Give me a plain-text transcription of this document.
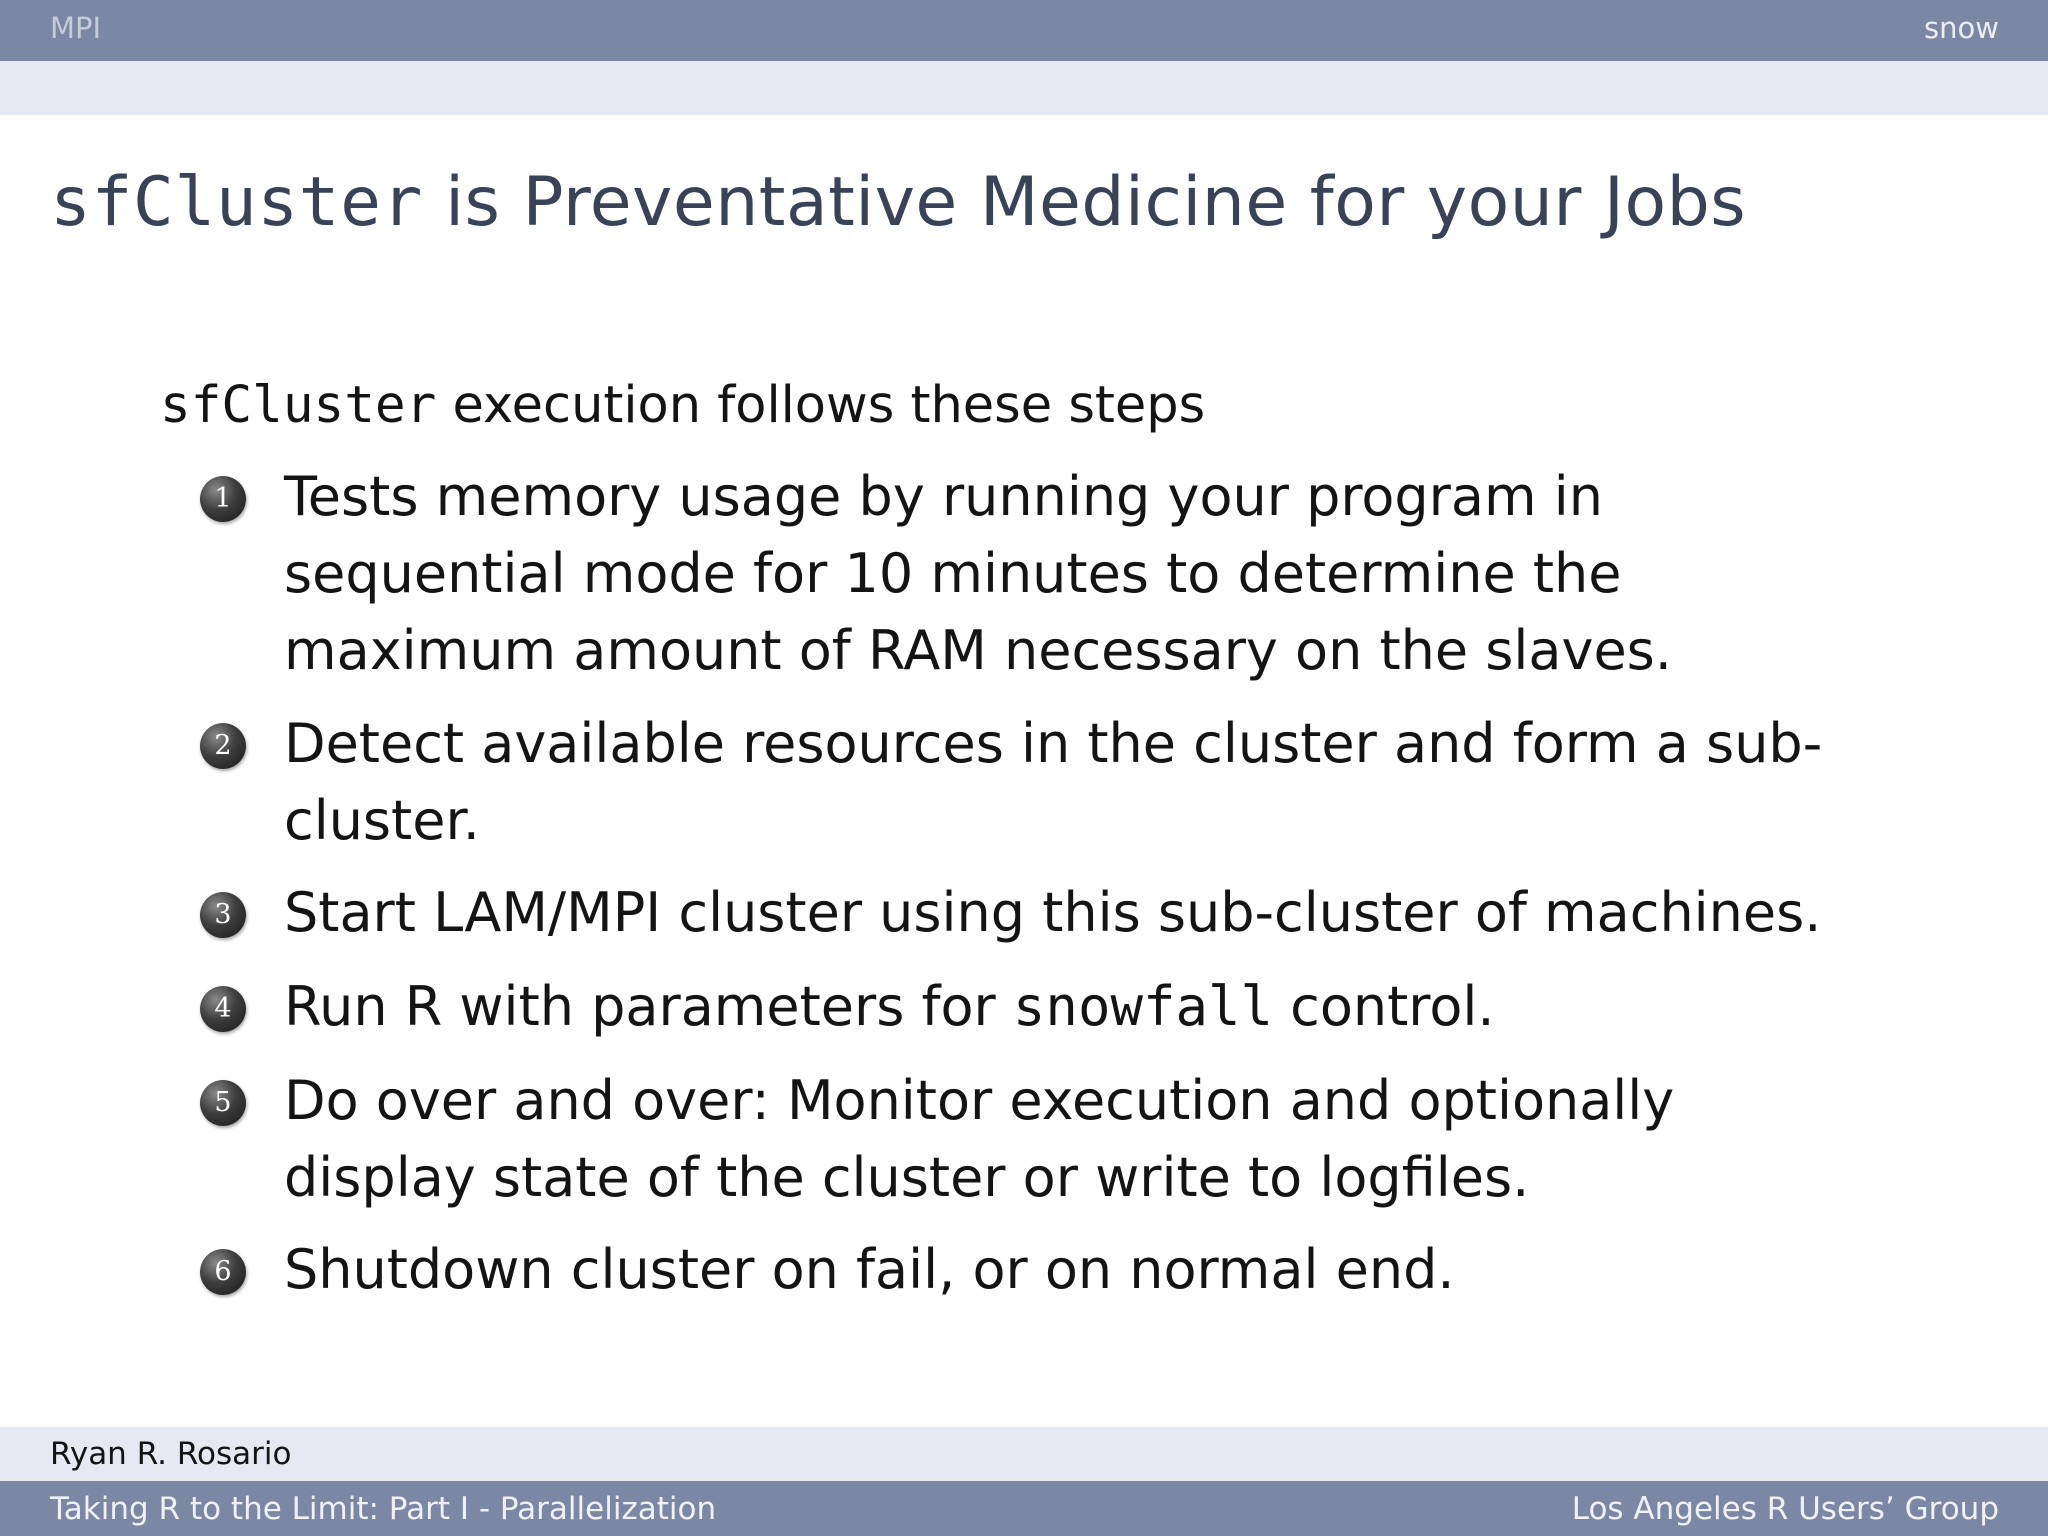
MPI	snow
sfCluster is Preventative Medicine for your Jobs
sfCluster execution follows these steps
1 Tests memory usage by running your program in sequential mode for 10 minutes to determine the maximum amount of RAM necessary on the slaves.
2 Detect available resources in the cluster and form a sub-cluster.
3 Start LAM/MPI cluster using this sub-cluster of machines.
4 Run R with parameters for snowfall control.
5 Do over and over: Monitor execution and optionally display state of the cluster or write to logfiles.
6 Shutdown cluster on fail, or on normal end.
Ryan R. Rosario
Taking R to the Limit: Part I - Parallelization	Los Angeles R Users’ Group
